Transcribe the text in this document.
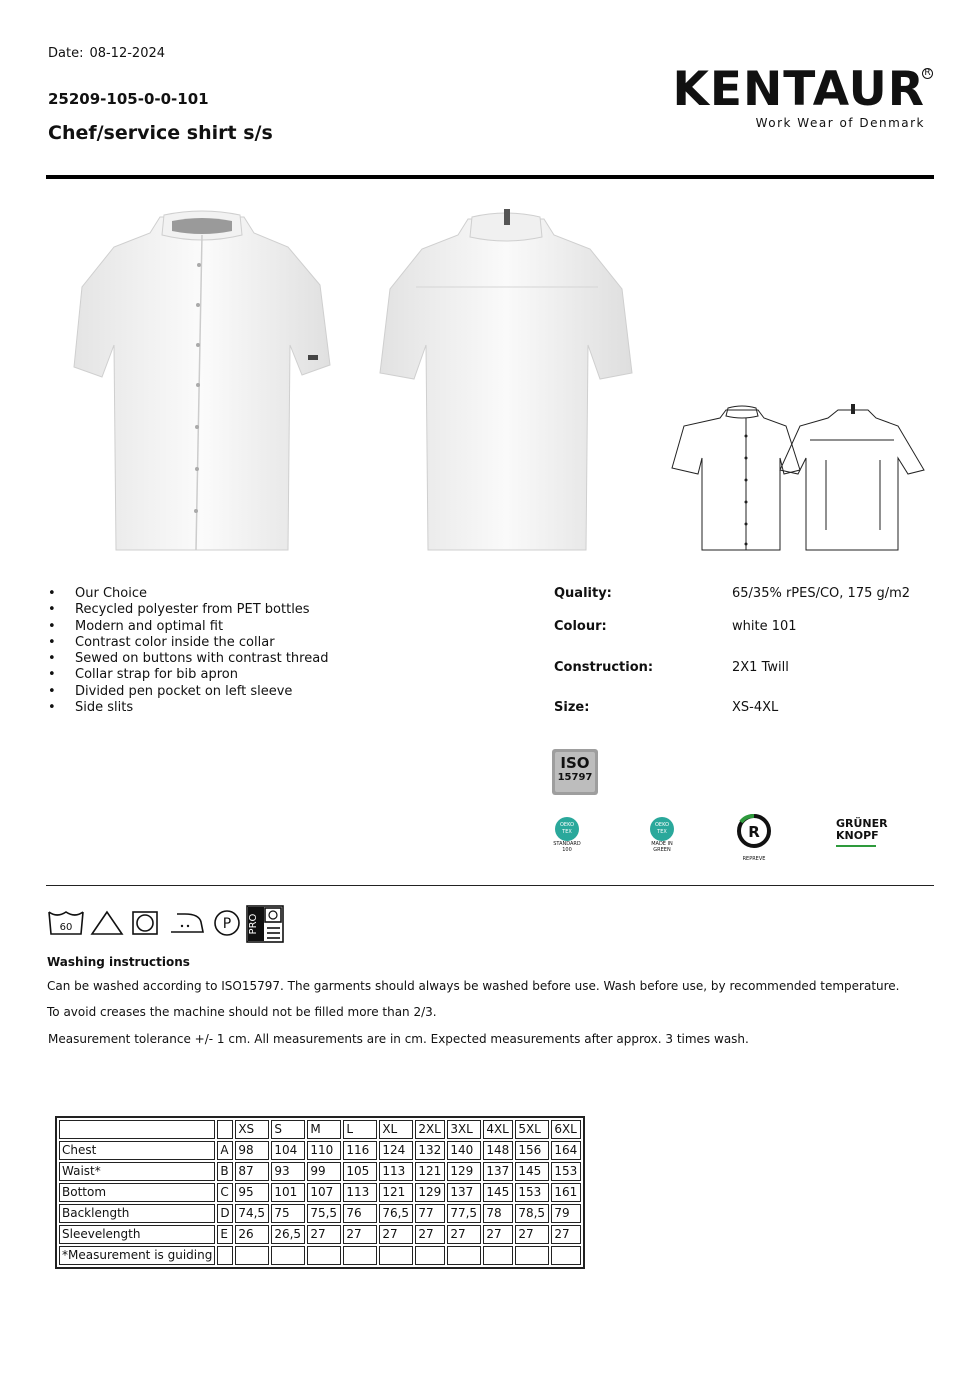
Date: 08-12-2024
25209-105-0-0-101
Chef/service shirt s/s
KENTAUR R
Work Wear of Denmark
• Our Choice
• Recycled polyester from PET bottles
• Modern and optimal fit
• Contrast color inside the collar
• Sewed on buttons with contrast thread
• Collar strap for bib apron
• Divided pen pocket on left sleeve
• Side slits
Quality:	65/35% rPES/CO, 175 g/m2
Colour:	white 101
Construction:	2X1 Twill
Size:	XS-4XL
ISO
15797
OEKO TEX
STANDARD 100
OEKO TEX
MADE IN GREEN
R
REPREVE
GRÜNER
KNOPF
60	P PRO
Washing instructions
Can be washed according to ISO15797. The garments should always be washed before use. Wash before use, by recommended temperature.
To avoid creases the machine should not be filled more than 2/3.
Measurement tolerance +/- 1 cm. All measurements are in cm. Expected measurements after approx. 3 times wash.
		XS	S	M	L	XL	2XL	3XL	4XL	5XL	6XL
Chest	A	98	104	110	116	124	132	140	148	156	164
Waist*	B	87	93	99	105	113	121	129	137	145	153
Bottom	C	95	101	107	113	121	129	137	145	153	161
Backlength	D	74,5	75	75,5	76	76,5	77	77,5	78	78,5	79
Sleevelength	E	26	26,5	27	27	27	27	27	27	27	27
*Measurement is guiding											
